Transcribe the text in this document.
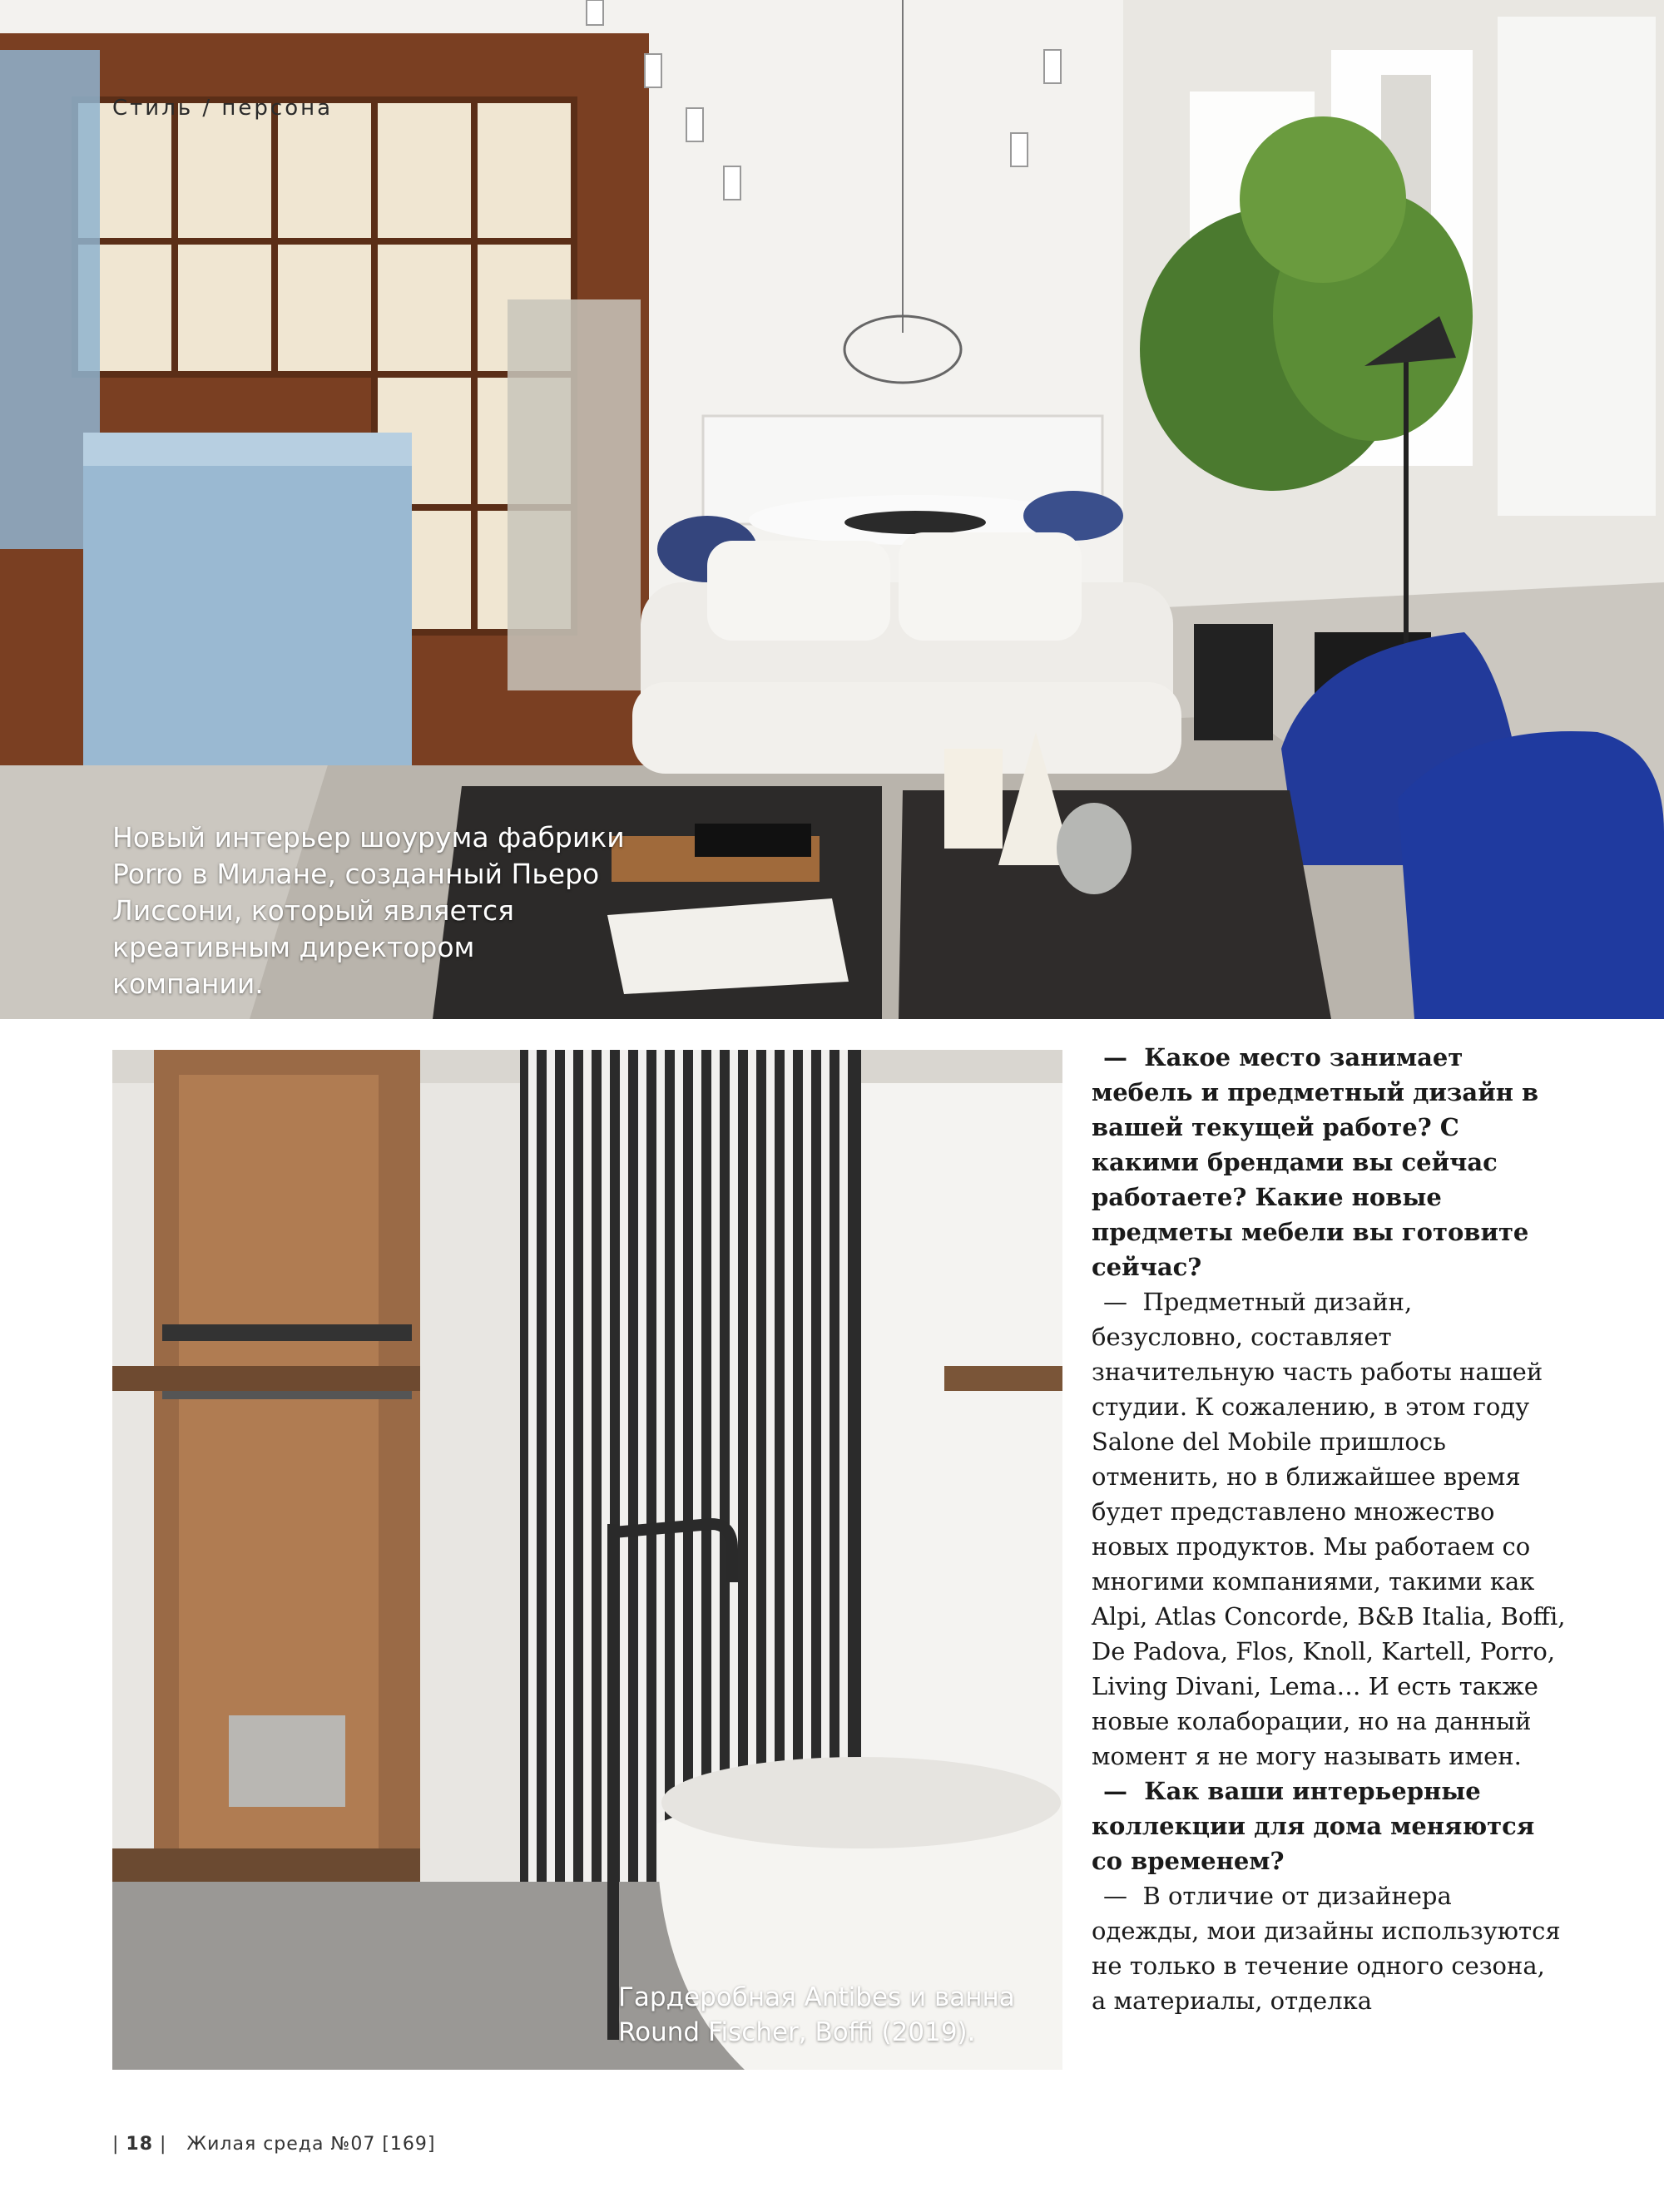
Стиль / персона
Новый интерьер шоурума фабрики Porro в Милане, созданный Пьеро Лиссони, который является креативным директором компании.
Гардеробная Antibes и ванна Round Fischer, Boffi (2019).

— Какое место занимает мебель и предметный дизайн в вашей текущей работе? С какими брендами вы сейчас работаете? Какие новые предметы мебели вы готовите сейчас?

— Предметный дизайн, безусловно, составляет значительную часть работы нашей студии. К сожалению, в этом году Salone del Mobile пришлось отменить, но в ближайшее время будет представлено множество новых продуктов. Мы работаем со многими компаниями, такими как Alpi, Atlas Concorde, B&B Italia, Boffi, De Padova, Flos, Knoll, Kartell, Porro, Living Divani, Lema… И есть также новые колаборации, но на данный момент я не могу называть имен.

— Как ваши интерьерные коллекции для дома меняются со временем?

— В отличие от дизайнера одежды, мои дизайны используются не только в течение одного сезона, а материалы, отделка

| 18 |   Жилая среда №07 [169]
